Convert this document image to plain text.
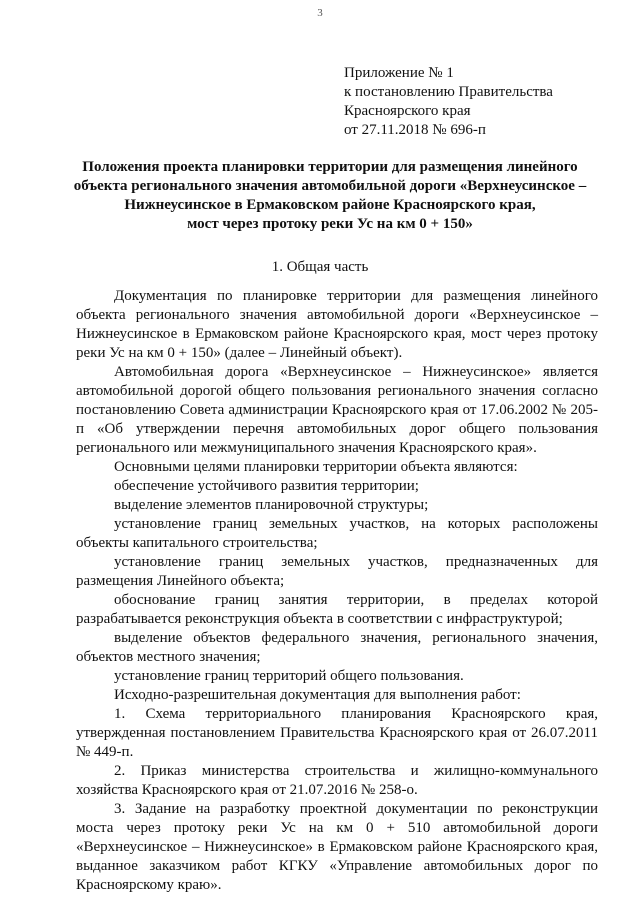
3
Приложение № 1
к постановлению Правительства
Красноярского края
от 27.11.2018 № 696-п
Положения проекта планировки территории для размещения линейного
объекта регионального значения автомобильной дороги «Верхнеусинское –
Нижнеусинское в Ермаковском районе Красноярского края,
мост через протоку реки Ус на км 0 + 150»
1. Общая часть

Документация по планировке территории для размещения линейного объекта регионального значения автомобильной дороги «Верхнеусинское – Нижнеусинское в Ермаковском районе Красноярского края, мост через протоку реки Ус на км 0 + 150» (далее – Линейный объект).

Автомобильная дорога «Верхнеусинское – Нижнеусинское» является автомобильной дорогой общего пользования регионального значения согласно постановлению Совета администрации Красноярского края от 17.06.2002 № 205-п «Об утверждении перечня автомобильных дорог общего пользования регионального или межмуниципального значения Красноярского края».

Основными целями планировки территории объекта являются:

обеспечение устойчивого развития территории;

выделение элементов планировочной структуры;

установление границ земельных участков, на которых расположены объекты капитального строительства;

установление границ земельных участков, предназначенных для размещения Линейного объекта;

обоснование границ занятия территории, в пределах которой разрабатывается реконструкция объекта в соответствии с инфраструктурой;

выделение объектов федерального значения, регионального значения, объектов местного значения;

установление границ территорий общего пользования.

Исходно-разрешительная документация для выполнения работ:

1. Схема территориального планирования Красноярского края, утвержденная постановлением Правительства Красноярского края от 26.07.2011 № 449-п.

2. Приказ министерства строительства и жилищно-коммунального хозяйства Красноярского края от 21.07.2016 № 258-о.

3. Задание на разработку проектной документации по реконструкции моста через протоку реки Ус на км 0 + 510 автомобильной дороги «Верхнеусинское – Нижнеусинское» в Ермаковском районе Красноярского края, выданное заказчиком работ КГКУ «Управление автомобильных дорог по Красноярскому краю».
